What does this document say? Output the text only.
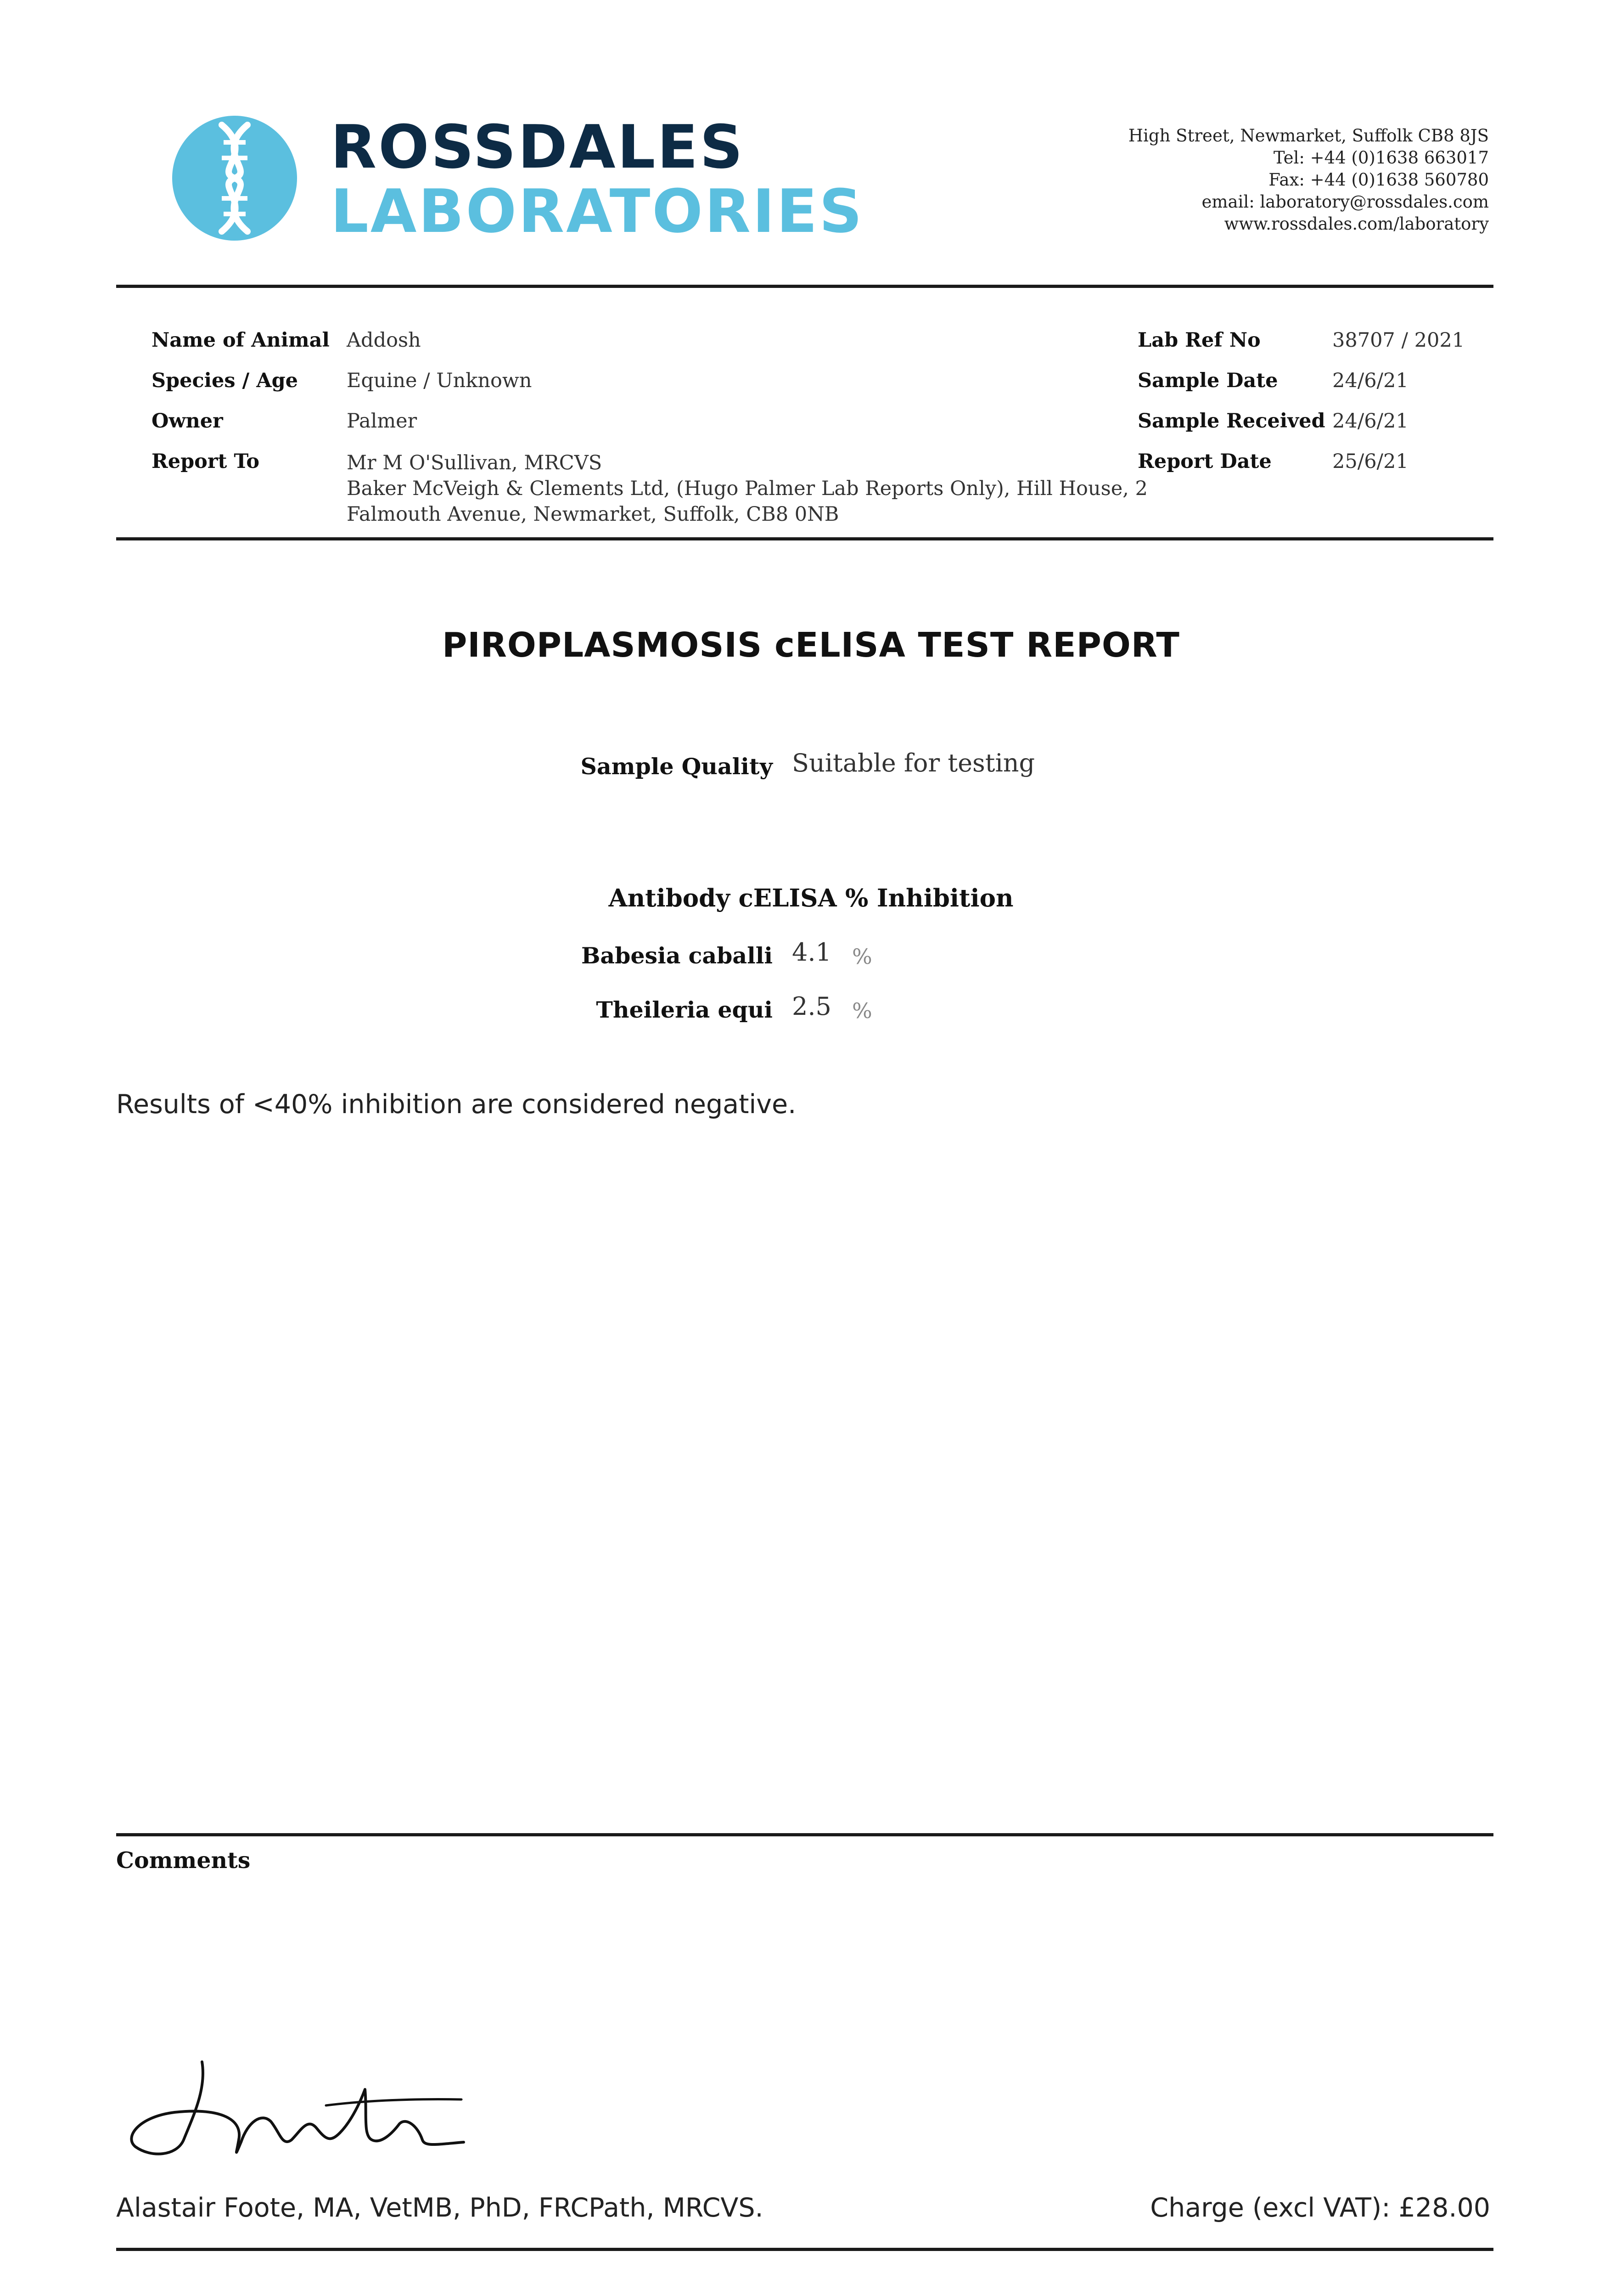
ROSSDALES
LABORATORIES
High Street, Newmarket, Suffolk CB8 8JS
Tel: +44 (0)1638 663017
Fax: +44 (0)1638 560780
email: laboratory@rossdales.com
www.rossdales.com/laboratory
Name of Animal Addosh
Species / Age Equine / Unknown
Owner	Palmer
Report To	Mr M O'Sullivan, MRCVS
Baker McVeigh & Clements Ltd, (Hugo Palmer Lab Reports Only), Hill House, 2
Falmouth Avenue, Newmarket, Suffolk, CB8 0NB
Lab Ref No	38707 / 2021
Sample Date	24/6/21
Sample Received 24/6/21
Report Date	25/6/21
PIROPLASMOSIS cELISA TEST REPORT
Sample Quality Suitable for testing
Antibody cELISA % Inhibition
Babesia caballi 4.1 %
Theileria equi 2.5 %
Results of <40% inhibition are considered negative.
Comments
Alastair Foote, MA, VetMB, PhD, FRCPath, MRCVS.	Charge (excl VAT): £28.00
